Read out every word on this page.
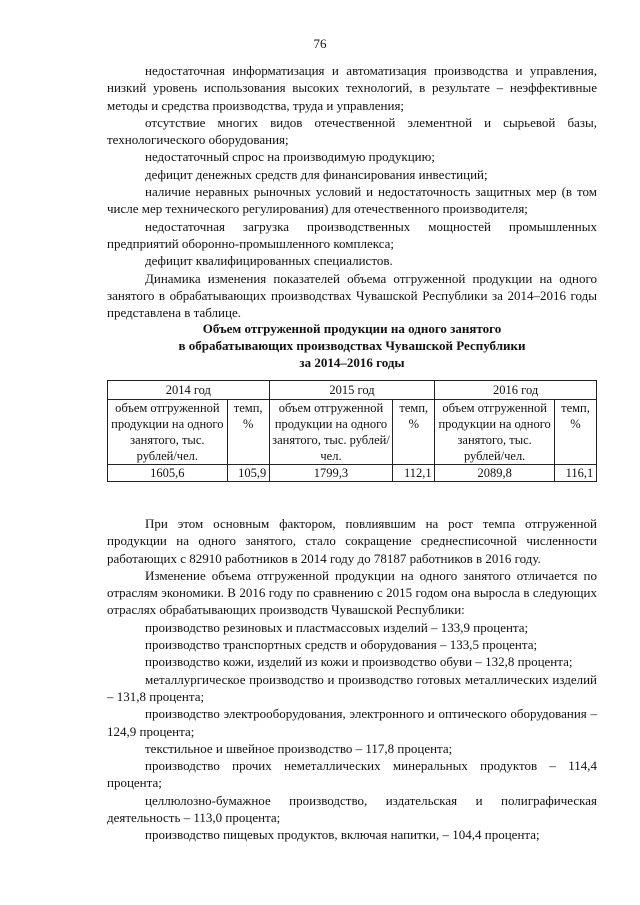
76

недостаточная информатизация и автоматизация производства и управления, низкий уровень использования высоких технологий, в результате – неэффективные методы и средства производства, труда и управления;

отсутствие многих видов отечественной элементной и сырьевой базы, технологического оборудования;

недостаточный спрос на производимую продукцию;

дефицит денежных средств для финансирования инвестиций;

наличие неравных рыночных условий и недостаточность защитных мер (в том числе мер технического регулирования) для отечественного производителя;

недостаточная загрузка производственных мощностей промышленных предприятий оборонно-промышленного комплекса;

дефицит квалифицированных специалистов.

Динамика изменения показателей объема отгруженной продукции на одного занятого в обрабатывающих производствах Чувашской Республики за 2014–2016 годы представлена в таблице.

Объем отгруженной продукции на одного занятого
в обрабатывающих производствах Чувашской Республики
за 2014–2016 годы
2014 год		2015 год		2016 год	
объем отгруженной продукции на одного занятого, тыс. рублей/чел.	темп, %	объем отгруженной продукции на одного занятого, тыс. рублей/чел.	темп, %	объем отгруженной продукции на одного занятого, тыс. рублей/чел.	темп, %
1605,6	105,9	1799,3	112,1	2089,8	116,1

При этом основным фактором, повлиявшим на рост темпа отгруженной продукции на одного занятого, стало сокращение среднесписочной численности работающих с 82910 работников в 2014 году до 78187 работников в 2016 году.

Изменение объема отгруженной продукции на одного занятого отличается по отраслям экономики. В 2016 году по сравнению с 2015 годом она выросла в следующих отраслях обрабатывающих производств Чувашской Республики:

производство резиновых и пластмассовых изделий – 133,9 процента;

производство транспортных средств и оборудования – 133,5 процента;

производство кожи, изделий из кожи и производство обуви – 132,8 процента;

металлургическое производство и производство готовых металлических изделий – 131,8 процента;

производство электрооборудования, электронного и оптического оборудования – 124,9 процента;

текстильное и швейное производство – 117,8 процента;

производство прочих неметаллических минеральных продуктов – 114,4 процента;

целлюлозно-бумажное производство, издательская и полиграфическая деятельность – 113,0 процента;

производство пищевых продуктов, включая напитки, – 104,4 процента;
